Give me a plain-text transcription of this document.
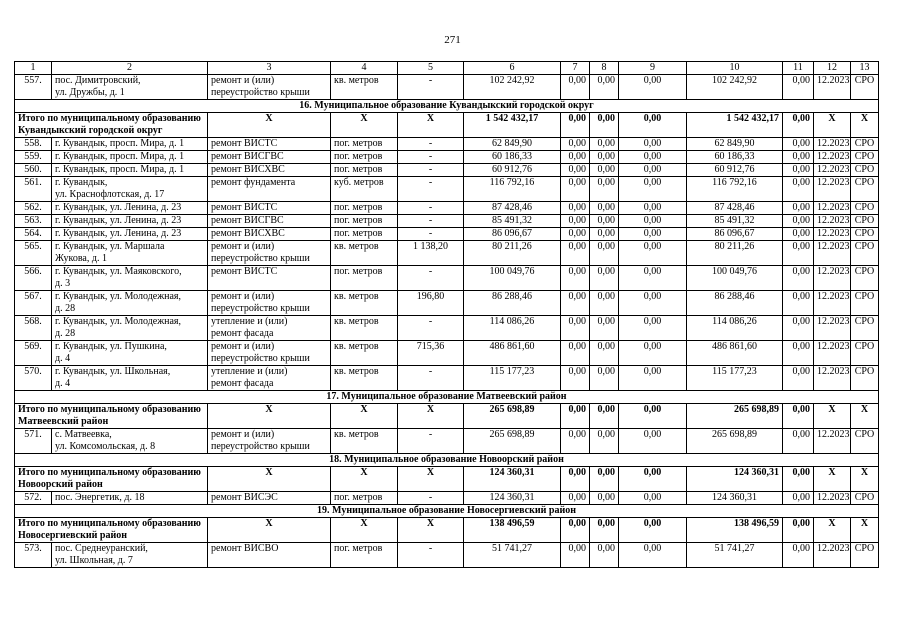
271
1	2	3	4	5	6	7	8	9	10	11	12	13
557.	пос. Димитровский,
ул. Дружбы, д. 1	ремонт и (или)
переустройство крыши	кв. метров	-	102 242,92	0,00	0,00	0,00	102 242,92	0,00	12.2023	СРО
16. Муниципальное образование Кувандыкский городской округ												
Итого по муниципальному образованию Кувандыкский городской округ		Х	Х	Х	1 542 432,17	0,00	0,00	0,00	1 542 432,17	0,00	Х	Х
558.	г. Кувандык, просп. Мира, д. 1	ремонт ВИСТС	пог. метров	-	62 849,90	0,00	0,00	0,00	62 849,90	0,00	12.2023	СРО
559.	г. Кувандык, просп. Мира, д. 1	ремонт ВИСГВС	пог. метров	-	60 186,33	0,00	0,00	0,00	60 186,33	0,00	12.2023	СРО
560.	г. Кувандык, просп. Мира, д. 1	ремонт ВИСХВС	пог. метров	-	60 912,76	0,00	0,00	0,00	60 912,76	0,00	12.2023	СРО
561.	г. Кувандык,
ул. Краснофлотская, д. 17	ремонт фундамента	куб. метров	-	116 792,16	0,00	0,00	0,00	116 792,16	0,00	12.2023	СРО
562.	г. Кувандык, ул. Ленина, д. 23	ремонт ВИСТС	пог. метров	-	87 428,46	0,00	0,00	0,00	87 428,46	0,00	12.2023	СРО
563.	г. Кувандык, ул. Ленина, д. 23	ремонт ВИСГВС	пог. метров	-	85 491,32	0,00	0,00	0,00	85 491,32	0,00	12.2023	СРО
564.	г. Кувандык, ул. Ленина, д. 23	ремонт ВИСХВС	пог. метров	-	86 096,67	0,00	0,00	0,00	86 096,67	0,00	12.2023	СРО
565.	г. Кувандык, ул. Маршала
Жукова, д. 1	ремонт и (или)
переустройство крыши	кв. метров	1 138,20	80 211,26	0,00	0,00	0,00	80 211,26	0,00	12.2023	СРО
566.	г. Кувандык, ул. Маяковского,
д. 3	ремонт ВИСТС	пог. метров	-	100 049,76	0,00	0,00	0,00	100 049,76	0,00	12.2023	СРО
567.	г. Кувандык, ул. Молодежная,
д. 28	ремонт и (или)
переустройство крыши	кв. метров	196,80	86 288,46	0,00	0,00	0,00	86 288,46	0,00	12.2023	СРО
568.	г. Кувандык, ул. Молодежная,
д. 28	утепление и (или)
ремонт фасада	кв. метров	-	114 086,26	0,00	0,00	0,00	114 086,26	0,00	12.2023	СРО
569.	г. Кувандык, ул. Пушкина,
д. 4	ремонт и (или)
переустройство крыши	кв. метров	715,36	486 861,60	0,00	0,00	0,00	486 861,60	0,00	12.2023	СРО
570.	г. Кувандык, ул. Школьная,
д. 4	утепление и (или)
ремонт фасада	кв. метров	-	115 177,23	0,00	0,00	0,00	115 177,23	0,00	12.2023	СРО
17. Муниципальное образование Матвеевский район												
Итого по муниципальному образованию Матвеевский район		Х	Х	Х	265 698,89	0,00	0,00	0,00	265 698,89	0,00	Х	Х
571.	с. Матвеевка,
ул. Комсомольская, д. 8	ремонт и (или)
переустройство крыши	кв. метров	-	265 698,89	0,00	0,00	0,00	265 698,89	0,00	12.2023	СРО
18. Муниципальное образование Новоорский район												
Итого по муниципальному образованию Новоорский район		Х	Х	Х	124 360,31	0,00	0,00	0,00	124 360,31	0,00	Х	Х
572.	пос. Энергетик, д. 18	ремонт ВИСЭС	пог. метров	-	124 360,31	0,00	0,00	0,00	124 360,31	0,00	12.2023	СРО
19. Муниципальное образование Новосергиевский район												
Итого по муниципальному образованию Новосергиевский район		Х	Х	Х	138 496,59	0,00	0,00	0,00	138 496,59	0,00	Х	Х
573.	пос. Среднеуранский,
ул. Школьная, д. 7	ремонт ВИСВО	пог. метров	-	51 741,27	0,00	0,00	0,00	51 741,27	0,00	12.2023	СРО
